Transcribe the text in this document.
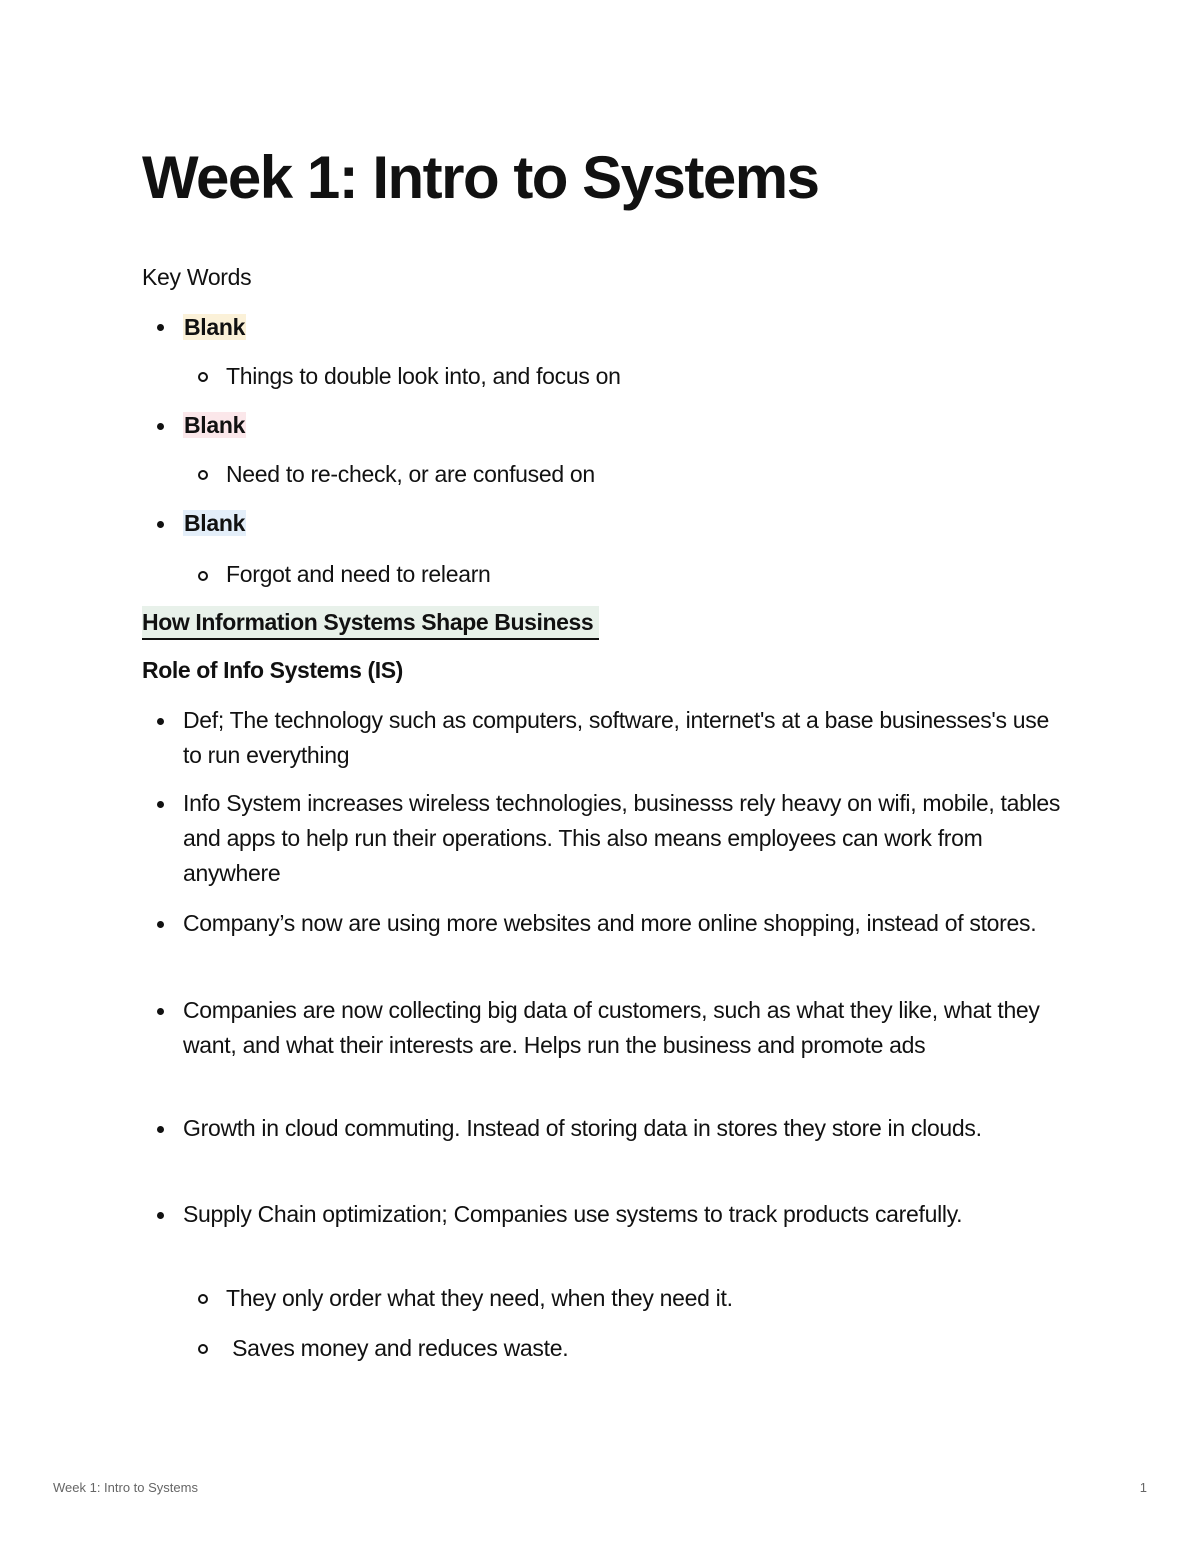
Week 1: Intro to Systems
Key Words
Blank
Things to double look into, and focus on
Blank
Need to re-check, or are confused on
Blank
Forgot and need to relearn
How Information Systems Shape Business
Role of Info Systems (IS)
Def; The technology such as computers, software, internet's at a base businesses's use to run everything
Info System increases wireless technologies, businesss rely heavy on wifi, mobile, tables and apps to help run their operations. This also means employees can work from anywhere
Company’s now are using more websites and more online shopping, instead of stores.
Companies are now collecting big data of customers, such as what they like, what they want, and what their interests are. Helps run the business and promote ads
Growth in cloud commuting. Instead of storing data in stores they store in clouds.
Supply Chain optimization; Companies use systems to track products carefully.
They only order what they need, when they need it.
Saves money and reduces waste.
Week 1: Intro to Systems	1
